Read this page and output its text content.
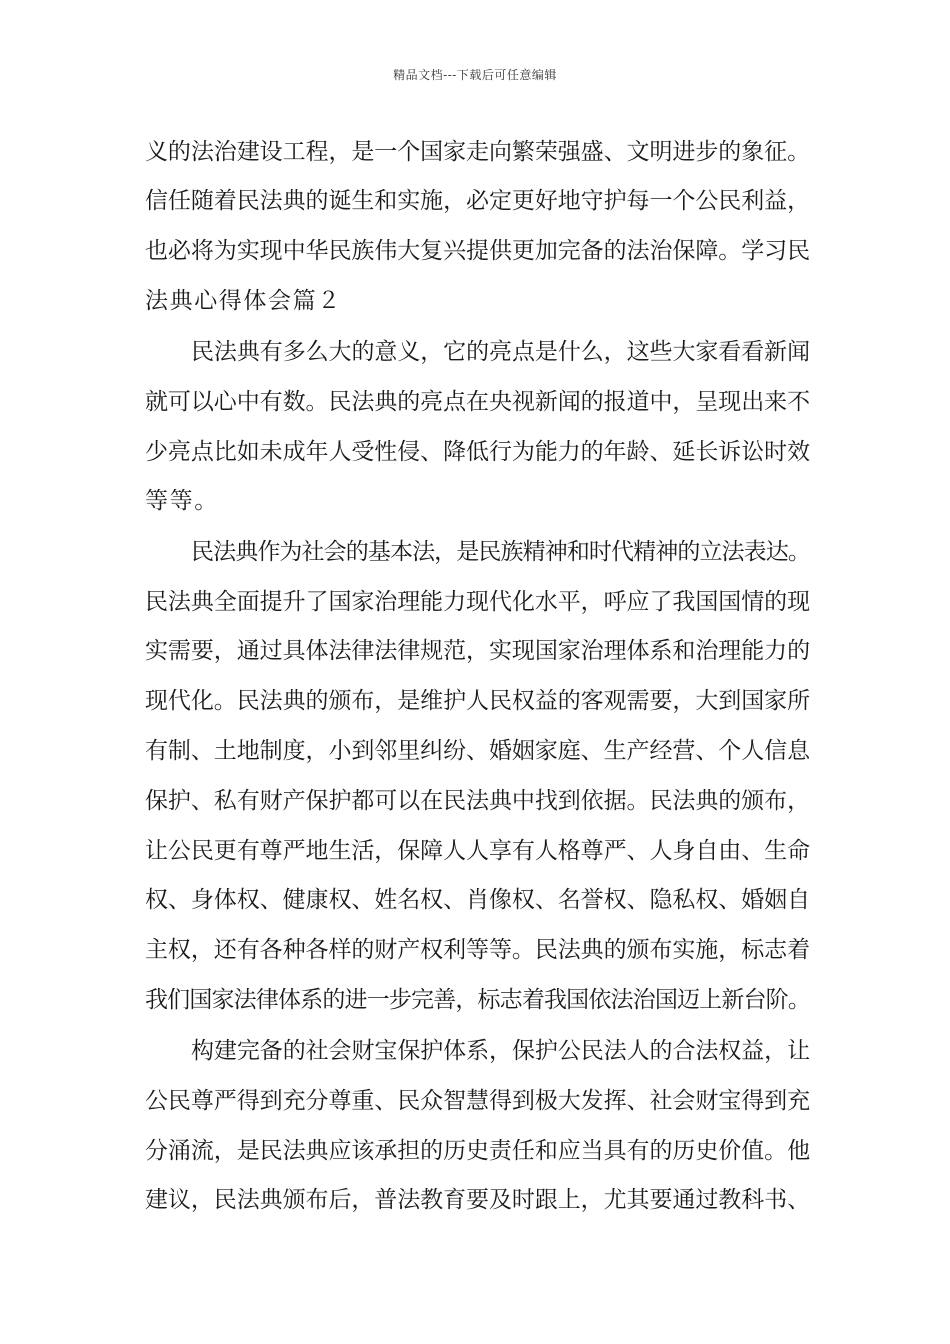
精品文档---下载后可任意编辑
义的法治建设工程，是一个国家走向繁荣强盛、文明进步的象征。
信任随着民法典的诞生和实施，必定更好地守护每一个公民利益，
也必将为实现中华民族伟大复兴提供更加完备的法治保障。学习民
法典心得体会篇２
民法典有多么大的意义，它的亮点是什么，这些大家看看新闻
就可以心中有数。民法典的亮点在央视新闻的报道中，呈现出来不
少亮点比如未成年人受性侵、降低行为能力的年龄、延长诉讼时效
等等。
民法典作为社会的基本法，是民族精神和时代精神的立法表达。
民法典全面提升了国家治理能力现代化水平，呼应了我国国情的现
实需要，通过具体法律法律规范，实现国家治理体系和治理能力的
现代化。民法典的颁布，是维护人民权益的客观需要，大到国家所
有制、土地制度，小到邻里纠纷、婚姻家庭、生产经营、个人信息
保护、私有财产保护都可以在民法典中找到依据。民法典的颁布，
让公民更有尊严地生活，保障人人享有人格尊严、人身自由、生命
权、身体权、健康权、姓名权、肖像权、名誉权、隐私权、婚姻自
主权，还有各种各样的财产权利等等。民法典的颁布实施，标志着
我们国家法律体系的进一步完善，标志着我国依法治国迈上新台阶。
构建完备的社会财宝保护体系，保护公民法人的合法权益，让
公民尊严得到充分尊重、民众智慧得到极大发挥、社会财宝得到充
分涌流，是民法典应该承担的历史责任和应当具有的历史价值。他
建议，民法典颁布后，普法教育要及时跟上，尤其要通过教科书、
